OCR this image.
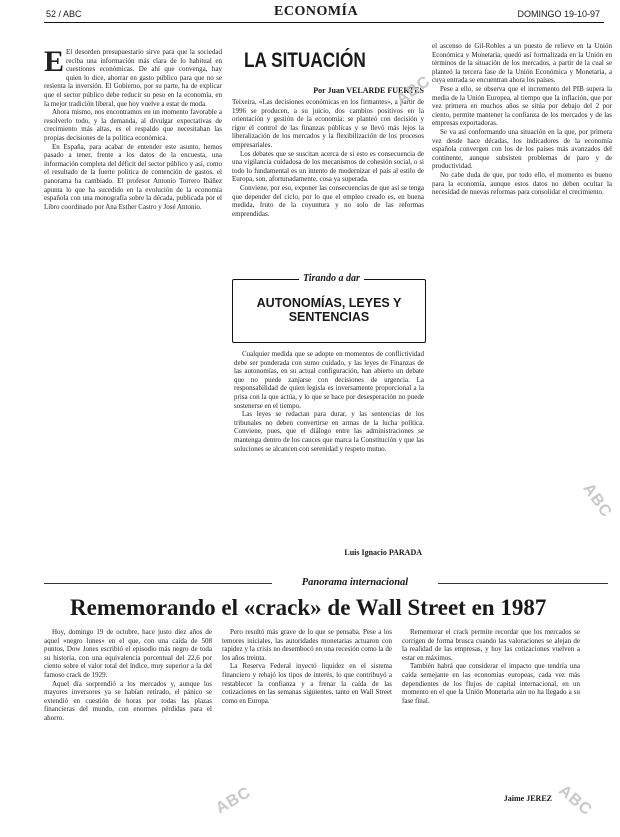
52 / ABC	ECONOMÍA	DOMINGO 19-10-97

E El desorden presupuestario sirve para que la sociedad reciba una información más clara de lo habitual en cuestiones económicas. De ahí que convenga, hay quien lo dice, ahorrar en gasto público para que no se resienta la inversión. El Gobierno, por su parte, ha de explicar que el sector público debe reducir su peso en la economía, en la mejor tradición liberal, que hoy vuelve a estar de moda.

Ahora mismo, nos encontramos en un momento favorable a resolverlo todo, y la demanda, al divulgar expectativas de crecimiento más altas, es el respaldo que necesitaban las propias decisiones de la política económica.

En España, para acabar de entender este asunto, hemos pasado a tener, frente a los datos de la encuesta, una información completa del déficit del sector público y así, como el resultado de la fuerte política de contención de gastos, el panorama ha cambiado. El profesor Antonio Torrero Ibáñez apunta lo que ha sucedido en la evolución de la economía española con una monografía sobre la década, publicada por el Libro coordinado por Ana Esther Castro y José Antonio.

LA SITUACIÓN
Por Juan VELARDE FUERTES

Teixeira, «Las decisiones económicas en los firmantes», a partir de 1996 se producen, a su juicio, dos cambios positivos en la orientación y gestión de la economía: se planteó con decisión y rigor el control de las finanzas públicas y se llevó más lejos la liberalización de los mercados y la flexibilización de los procesos empresariales.

Los debates que se suscitan acerca de si esto es consecuencia de una vigilancia cuidadosa de los mecanismos de cohesión social, o si todo lo fundamental es un intento de modernizar el país al estilo de Europa, son, afortunadamente, cosa ya superada.

Conviene, por eso, exponer las consecuencias de que así se tenga que depender del ciclo, por lo que el empleo creado es, en buena medida, fruto de la coyuntura y no solo de las reformas emprendidas.

Tirando a dar
AUTONOMÍAS, LEYES Y SENTENCIAS

Cualquier medida que se adopte en momentos de conflictividad debe ser ponderada con sumo cuidado, y las leyes de Finanzas de las autonomías, en su actual configuración, han abierto un debate que no puede zanjarse con decisiones de urgencia. La responsabilidad de quien legisla es inversamente proporcional a la prisa con la que actúa, y lo que se hace por desesperación no puede sostenerse en el tiempo.

Las leyes se redactan para durar, y las sentencias de los tribunales no deben convertirse en armas de la lucha política. Conviene, pues, que el diálogo entre las administraciones se mantenga dentro de los cauces que marca la Constitución y que las soluciones se alcancen con serenidad y respeto mutuo.

Luis Ignacio PARADA

el ascenso de Gil-Robles a un puesto de relieve en la Unión Económica y Monetaria, quedó así formalizada en la Unión en términos de la situación de los mercados, a partir de la cual se planteó la tercera fase de la Unión Económica y Monetaria, a cuya entrada se encuentran ahora los países.

Pese a ello, se observa que el incremento del PIB supera la media de la Unión Europea, al tiempo que la inflación, que por vez primera en muchos años se sitúa por debajo del 2 por ciento, permite mantener la confianza de los mercados y de las empresas exportadoras.

Se va así conformando una situación en la que, por primera vez desde hace décadas, los indicadores de la economía española convergen con los de los países más avanzados del continente, aunque subsisten problemas de paro y de productividad.

No cabe duda de que, por todo ello, el momento es bueno para la economía, aunque estos datos no deben ocultar la necesidad de nuevas reformas para consolidar el crecimiento.

Panorama internacional
Rememorando el «crack» de Wall Street en 1987

Hoy, domingo 19 de octubre, hace justo diez años de aquel «negro lunes» en el que, con una caída de 508 puntos, Dow Jones escribió el episodio más negro de toda su historia, con una equivalencia porcentual del 22,6 por ciento sobre el valor total del índice, muy superior a la del famoso crack de 1929.

Aquel día sorprendió a los mercados y, aunque los mayores inversores ya se habían retirado, el pánico se extendió en cuestión de horas por todas las plazas financieras del mundo, con enormes pérdidas para el ahorro.

Pero resultó más grave de lo que se pensaba. Pese a los temores iniciales, las autoridades monetarias actuaron con rapidez y la crisis no desembocó en una recesión como la de los años treinta.

La Reserva Federal inyectó liquidez en el sistema financiero y rebajó los tipos de interés, lo que contribuyó a restablecer la confianza y a frenar la caída de las cotizaciones en las semanas siguientes, tanto en Wall Street como en Europa.

Rememorar el crack permite recordar que los mercados se corrigen de forma brusca cuando las valoraciones se alejan de la realidad de las empresas, y hoy las cotizaciones vuelven a estar en máximos.

También habrá que considerar el impacto que tendría una caída semejante en las economías europeas, cada vez más dependientes de los flujos de capital internacional, en un momento en el que la Unión Monetaria aún no ha llegado a su fase final.

Jaime JEREZ
ABC
ABC
ABC	ABC
